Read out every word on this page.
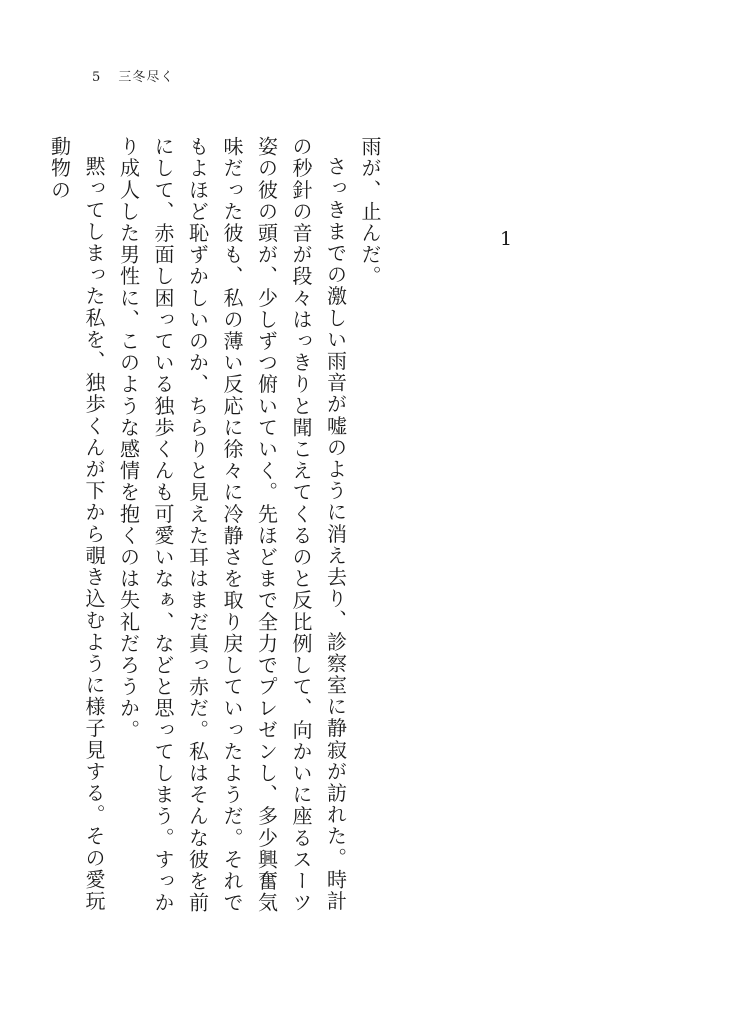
5 三冬尽く
1

雨が、止んだ。

さっきまでの激しい雨音が嘘のように消え去り、診察室に静寂が訪れた。時計の秒針の音が段々はっきりと聞こえてくるのと反比例して、向かいに座るスーツ姿の彼の頭が、少しずつ俯いていく。先ほどまで全力でプレゼンし、多少興奮気味だった彼も、私の薄い反応に徐々に冷静さを取り戻していったようだ。それでもよほど恥ずかしいのか、ちらりと見えた耳はまだ真っ赤だ。私はそんな彼を前にして、赤面し困っている独歩くんも可愛いなぁ、などと思ってしまう。すっかり成人した男性に、このような感情を抱くのは失礼だろうか。

黙ってしまった私を、独歩くんが下から覗き込むように様子見する。その愛玩動物の
